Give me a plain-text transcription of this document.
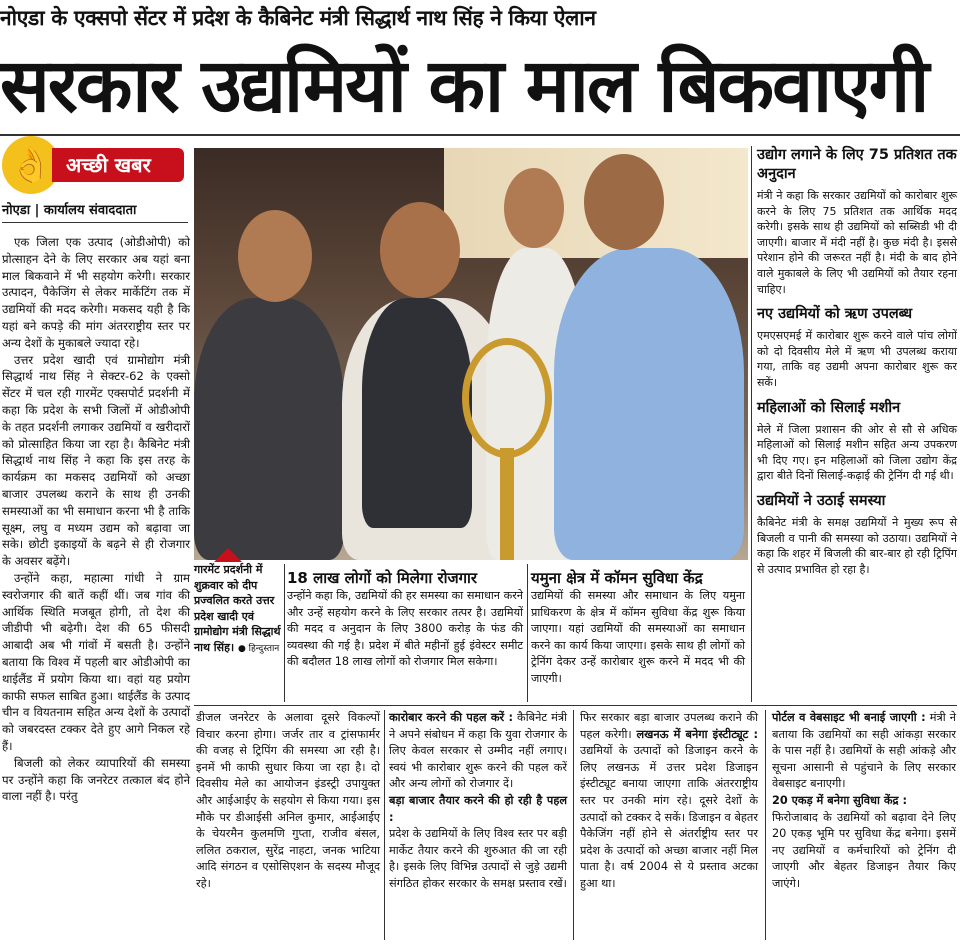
नोएडा के एक्सपो सेंटर में प्रदेश के कैबिनेट मंत्री सिद्धार्थ नाथ सिंह ने किया ऐलान
सरकार उद्यमियों का माल बिकवाएगी
👌 अच्छी खबर
नोएडा | कार्यालय संवाददाता

एक जिला एक उत्पाद (ओडीओपी) को प्रोत्साहन देने के लिए सरकार अब यहां बना माल बिकवाने में भी सहयोग करेगी। सरकार उत्पादन, पैकेजिंग से लेकर मार्केटिंग तक में उद्यमियों की मदद करेगी। मकसद यही है कि यहां बने कपड़े की मांग अंतरराष्ट्रीय स्तर पर अन्य देशों के मुकाबले ज्यादा रहे।

उत्तर प्रदेश खादी एवं ग्रामोद्योग मंत्री सिद्धार्थ नाथ सिंह ने सेक्टर-62 के एक्सो सेंटर में चल रही गारमेंट एक्सपोर्ट प्रदर्शनी में कहा कि प्रदेश के सभी जिलों में ओडीओपी के तहत प्रदर्शनी लगाकर उद्यमियों व खरीदारों को प्रोत्साहित किया जा रहा है। कैबिनेट मंत्री सिद्धार्थ नाथ सिंह ने कहा कि इस तरह के कार्यक्रम का मकसद उद्यमियों को अच्छा बाजार उपलब्ध कराने के साथ ही उनकी समस्याओं का भी समाधान करना भी है ताकि सूक्ष्म, लघु व मध्यम उद्यम को बढ़ावा जा सके। छोटी इकाइयों के बढ़ने से ही रोजगार के अवसर बढ़ेंगे।

उन्होंने कहा, महात्मा गांधी ने ग्राम स्वरोजगार की बातें कहीं थीं। जब गांव की आर्थिक स्थिति मजबूत होगी, तो देश की जीडीपी भी बढ़ेगी। देश की 65 फीसदी आबादी अब भी गांवों में बसती है। उन्होंने बताया कि विश्व में पहली बार ओडीओपी का थाईलैंड में प्रयोग किया था। वहां यह प्रयोग काफी सफल साबित हुआ। थाईलैंड के उत्पाद चीन व वियतनाम सहित अन्य देशों के उत्पादों को जबरदस्त टक्कर देते हुए आगे निकल रहे हैं।

बिजली को लेकर व्यापारियों की समस्या पर उन्होंने कहा कि जनरेटर तत्काल बंद होने वाला नहीं है। परंतु

गारमेंट प्रदर्शनी में शुक्रवार को दीप प्रज्वलित करते उत्तर प्रदेश खादी एवं ग्रामोद्योग मंत्री सिद्धार्थ नाथ सिंह। ● हिन्दुस्तान
18 लाख लोगों को मिलेगा रोजगार
उन्होंने कहा कि, उद्यमियों की हर समस्या का समाधान करने और उन्हें सहयोग करने के लिए सरकार तत्पर है। उद्यमियों की मदद व अनुदान के लिए 3800 करोड़ के फंड की व्यवस्था की गई है। प्रदेश में बीते महीनों हुई इंवेस्टर समीट की बदौलत 18 लाख लोगों को रोजगार मिल सकेगा।
यमुना क्षेत्र में कॉमन सुविधा केंद्र
उद्यमियों की समस्या और समाधान के लिए यमुना प्राधिकरण के क्षेत्र में कॉमन सुविधा केंद्र शुरू किया जाएगा। यहां उद्यमियों की समस्याओं का समाधान करने का कार्य किया जाएगा। इसके साथ ही लोगों को ट्रेनिंग देकर उन्हें कारोबार शुरू करने में मदद भी की जाएगी।
उद्योग लगाने के लिए 75 प्रतिशत तक अनुदान
मंत्री ने कहा कि सरकार उद्यमियों को कारोबार शुरू करने के लिए 75 प्रतिशत तक आर्थिक मदद करेगी। इसके साथ ही उद्यमियों को सब्सिडी भी दी जाएगी। बाजार में मंदी नहीं है। कुछ मंदी है। इससे परेशान होने की जरूरत नहीं है। मंदी के बाद होने वाले मुकाबले के लिए भी उद्यमियों को तैयार रहना चाहिए।
नए उद्यमियों को ऋण उपलब्ध
एमएसएमई में कारोबार शुरू करने वाले पांच लोगों को दो दिवसीय मेले में ऋण भी उपलब्ध कराया गया, ताकि वह उद्यमी अपना कारोबार शुरू कर सकें।
महिलाओं को सिलाई मशीन
मेले में जिला प्रशासन की ओर से सौ से अधिक महिलाओं को सिलाई मशीन सहित अन्य उपकरण भी दिए गए। इन महिलाओं को जिला उद्योग केंद्र द्वारा बीते दिनों सिलाई-कढ़ाई की ट्रेनिंग दी गई थी।
उद्यमियों ने उठाई समस्या
कैबिनेट मंत्री के समक्ष उद्यमियों ने मुख्य रूप से बिजली व पानी की समस्या को उठाया। उद्यमियों ने कहा कि शहर में बिजली की बार-बार हो रही ट्रिपिंग से उत्पाद प्रभावित हो रहा है।
डीजल जनरेटर के अलावा दूसरे विकल्पों विचार करना होगा। जर्जर तार व ट्रांसफार्मर की वजह से ट्रिपिंग की समस्या आ रही है। इनमें भी काफी सुधार किया जा रहा है। दो दिवसीय मेले का आयोजन इंडस्ट्री उपायुक्त और आईआईए के सहयोग से किया गया। इस मौके पर डीआईसी अनिल कुमार, आईआईए के चेयरमैन कुलमणि गुप्ता, राजीव बंसल, ललित ठकराल, सुरेंद्र नाहटा, जनक भाटिया आदि संगठन व एसोसिएशन के सदस्य मौजूद रहे।
कारोबार करने की पहल करें : कैबिनेट मंत्री ने अपने संबोधन में कहा कि युवा रोजगार के लिए केवल सरकार से उम्मीद नहीं लगाए। स्वयं भी कारोबार शुरू करने की पहल करें और अन्य लोगों को रोजगार दें।
बड़ा बाजार तैयार करने की हो रही है पहल :
प्रदेश के उद्यमियों के लिए विश्व स्तर पर बड़ी मार्केट तैयार करने की शुरुआत की जा रही है। इसके लिए विभिन्न उत्पादों से जुड़े उद्यमी संगठित होकर सरकार के समक्ष प्रस्ताव रखें।
फिर सरकार बड़ा बाजार उपलब्ध कराने की पहल करेगी। लखनऊ में बनेगा इंस्टीट्यूट : उद्यमियों के उत्पादों को डिजाइन करने के लिए लखनऊ में उत्तर प्रदेश डिजाइन इंस्टीट्यूट बनाया जाएगा ताकि अंतरराष्ट्रीय स्तर पर उनकी मांग रहे। दूसरे देशों के उत्पादों को टक्कर दे सकें। डिजाइन व बेहतर पैकेजिंग नहीं होने से अंतर्राष्ट्रीय स्तर पर प्रदेश के उत्पादों को अच्छा बाजार नहीं मिल पाता है। वर्ष 2004 से ये प्रस्ताव अटका हुआ था।
पोर्टल व वेबसाइट भी बनाई जाएगी : मंत्री ने बताया कि उद्यमियों का सही आंकड़ा सरकार के पास नहीं है। उद्यमियों के सही आंकड़े और सूचना आसानी से पहुंचाने के लिए सरकार वेबसाइट बनाएगी।
20 एकड़ में बनेगा सुविधा केंद्र :
फिरोजाबाद के उद्यमियों को बढ़ावा देने लिए 20 एकड़ भूमि पर सुविधा केंद्र बनेगा। इसमें नए उद्यमियों व कर्मचारियों को ट्रेनिंग दी जाएगी और बेहतर डिजाइन तैयार किए जाएंगे।
